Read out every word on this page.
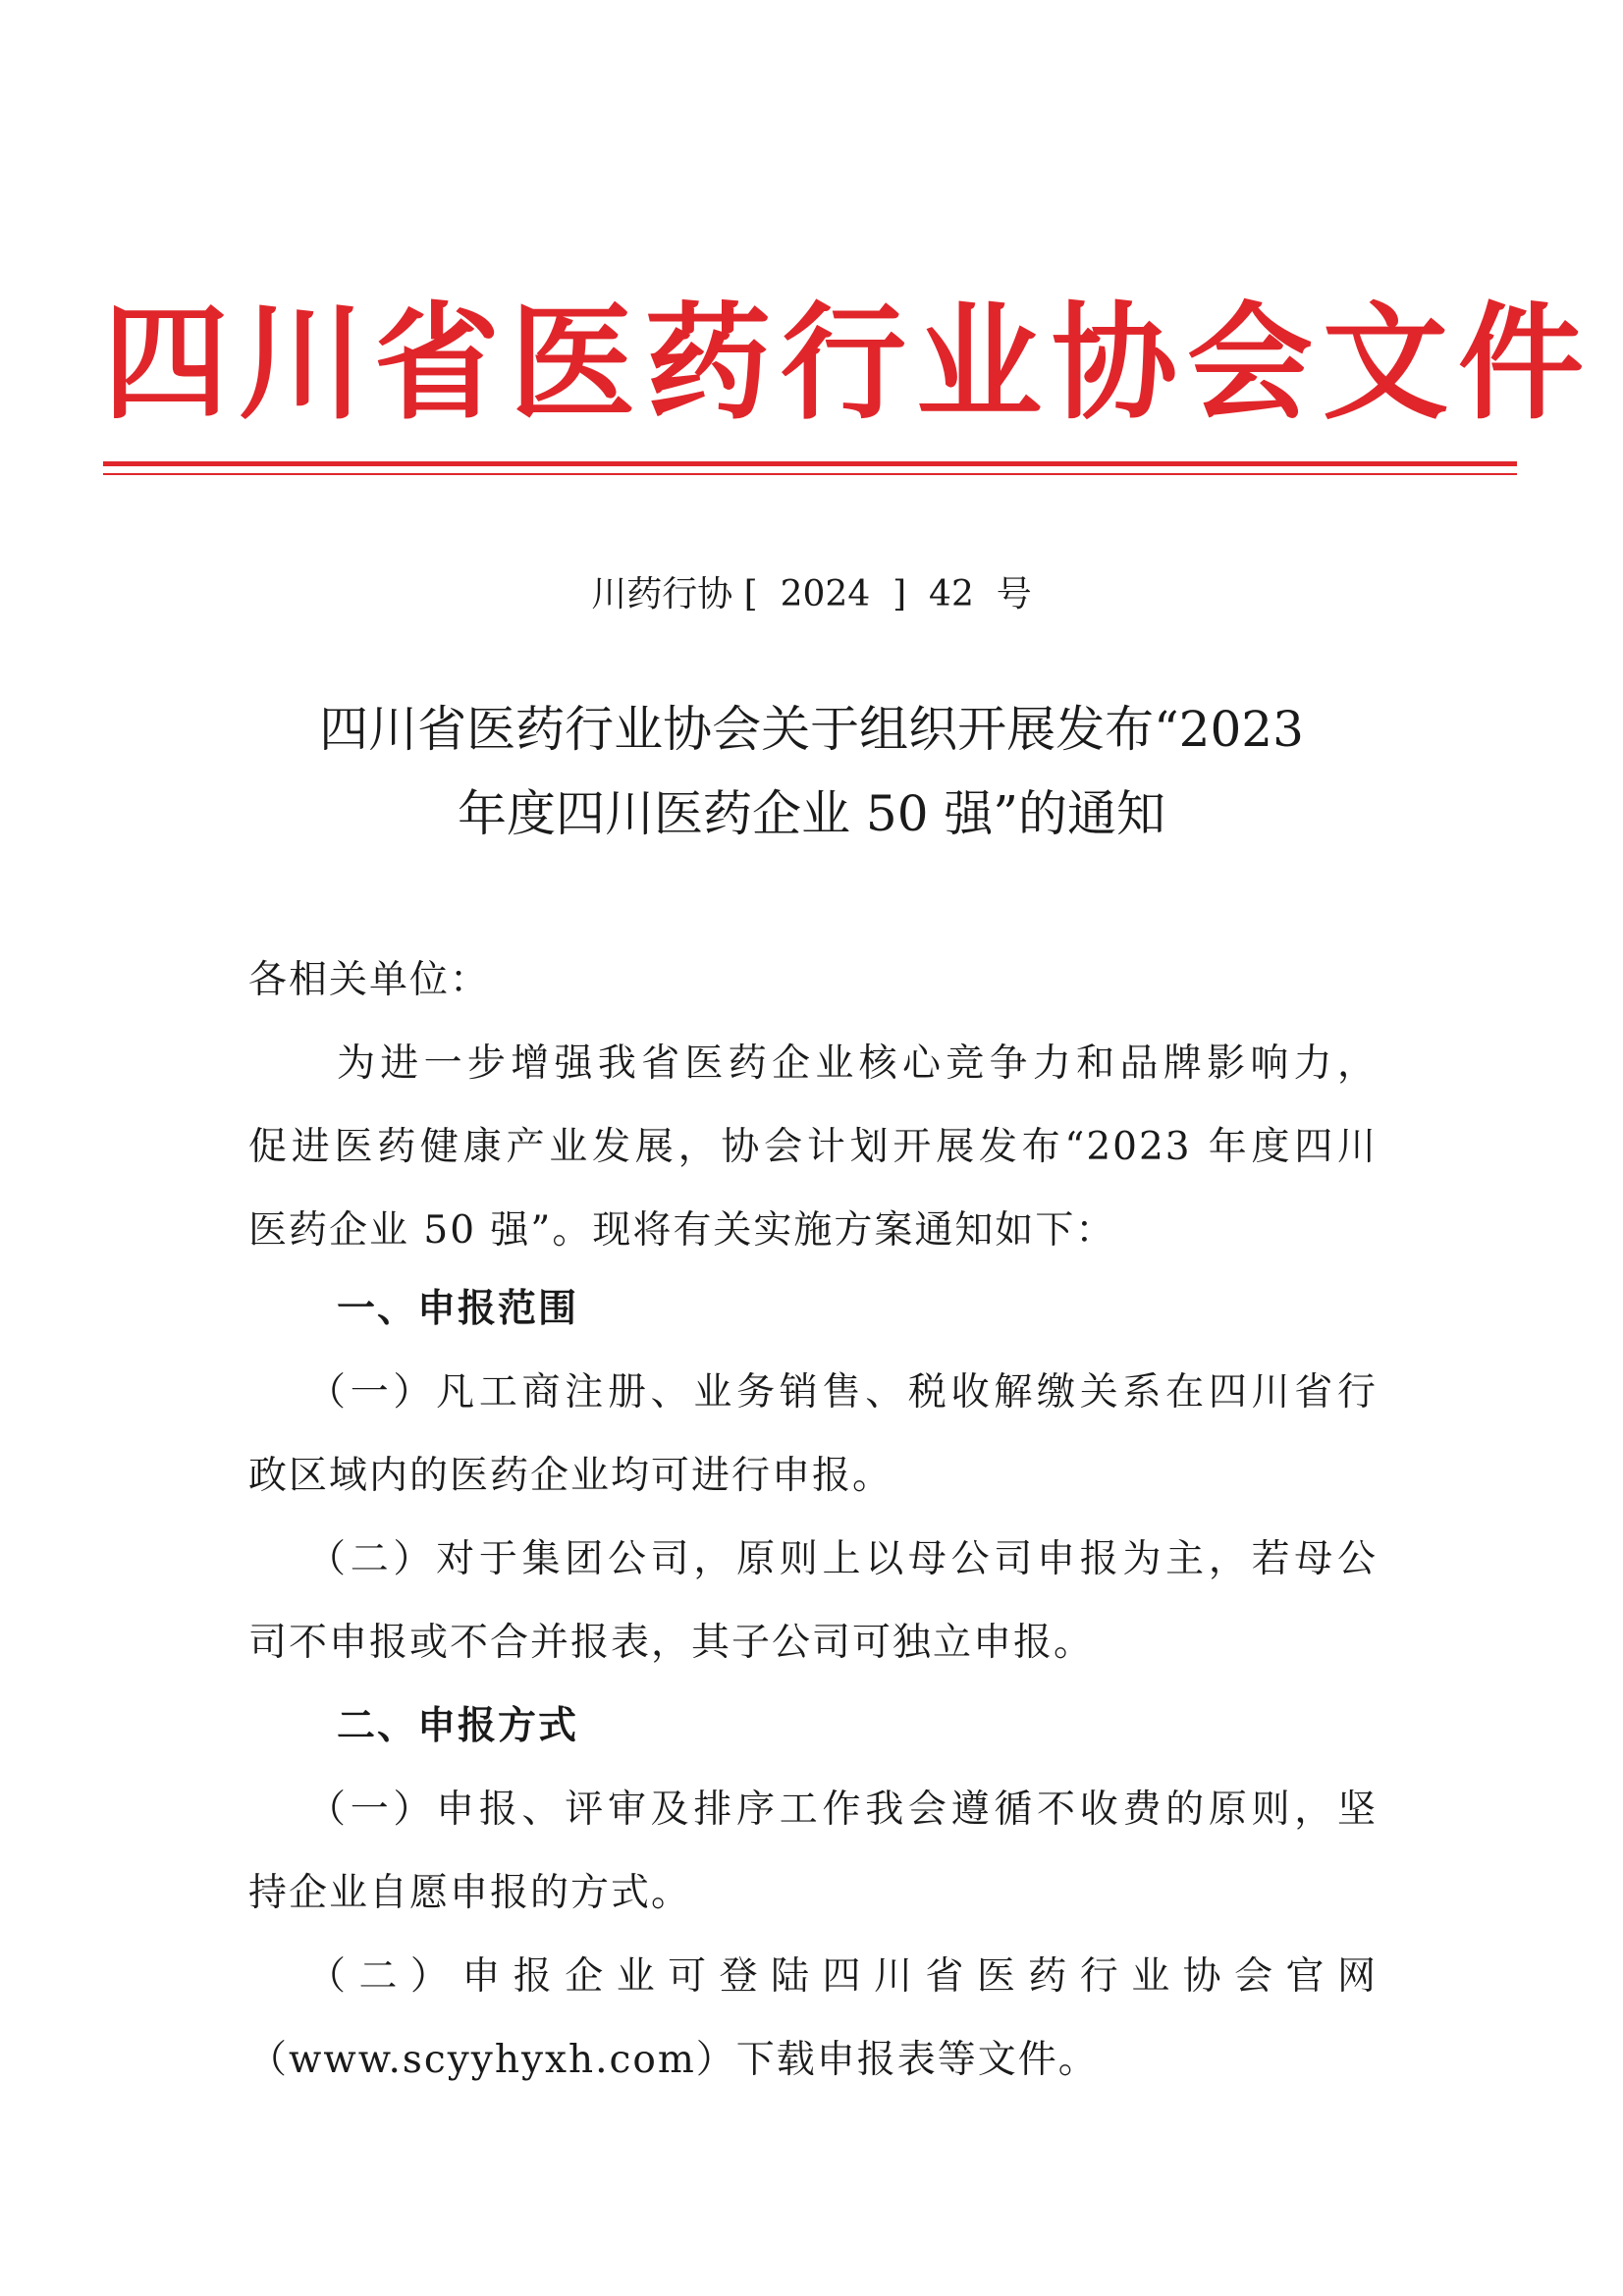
四川省医药行业协会文件
川药行协 [  2024  ]  42  号
四川省医药行业协会关于组织开展发布“2023
年度四川医药企业 50 强”的通知
各相关单位：
为进一步增强我省医药企业核心竞争力和品牌影响力，
促进医药健康产业发展，协会计划开展发布“2023 年度四川
医药企业 50 强”。现将有关实施方案通知如下：
一、申报范围
（一）凡工商注册、业务销售、税收解缴关系在四川省行
政区域内的医药企业均可进行申报。
（二）对于集团公司，原则上以母公司申报为主，若母公
司不申报或不合并报表，其子公司可独立申报。
二、申报方式
（一）申报、评审及排序工作我会遵循不收费的原则，坚
持企业自愿申报的方式。
（二）申报企业可登陆四川省医药行业协会官网
（www.scyyhyxh.com）下载申报表等文件。
